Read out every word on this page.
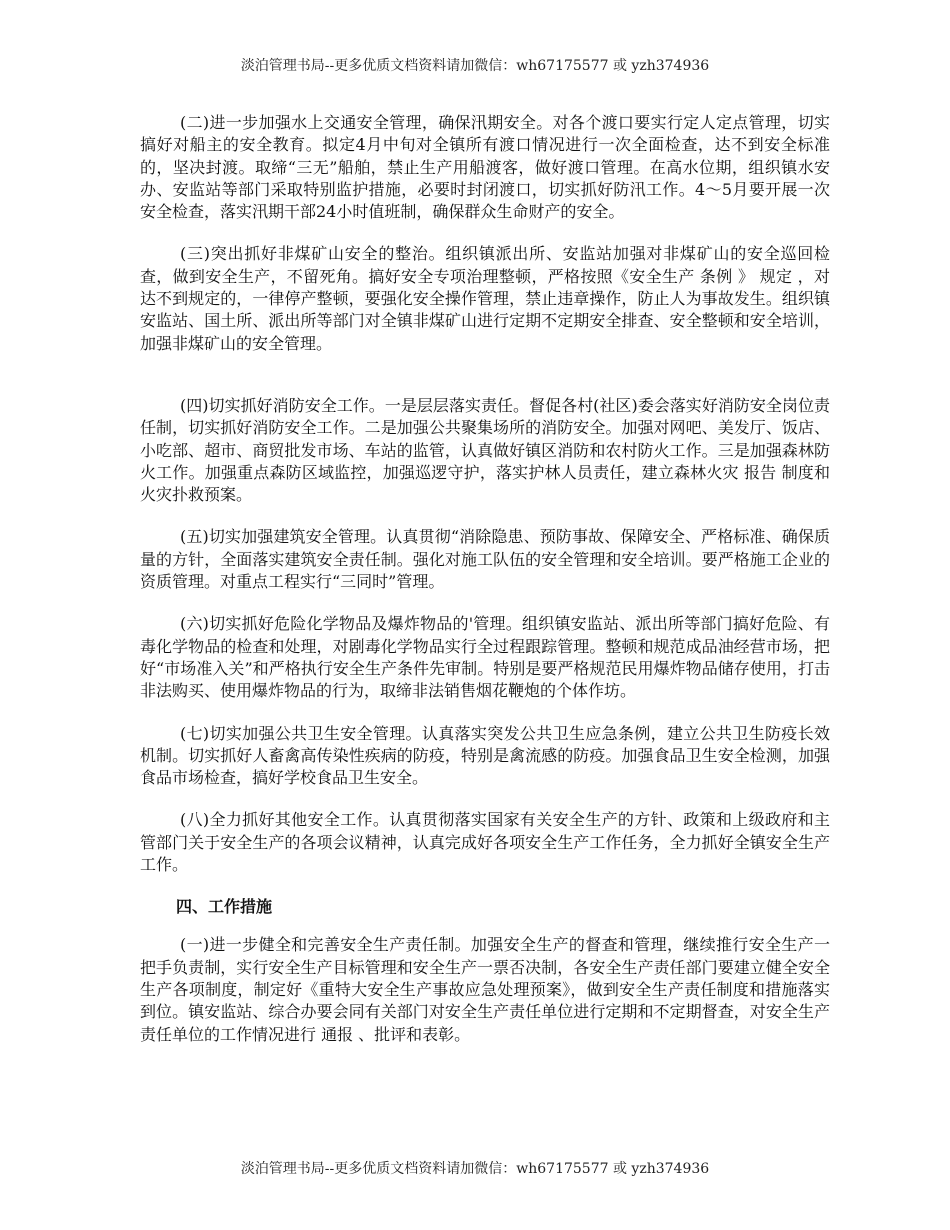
淡泊管理书局--更多优质文档资料请加微信：wh67175577 或 yzh374936

(二)进一步加强水上交通安全管理，确保汛期安全。对各个渡口要实行定人定点管理，切实搞好对船主的安全教育。拟定4月中旬对全镇所有渡口情况进行一次全面检查，达不到安全标准的，坚决封渡。取缔“三无”船舶，禁止生产用船渡客，做好渡口管理。在高水位期，组织镇水安办、安监站等部门采取特别监护措施，必要时封闭渡口，切实抓好防汛工作。4～5月要开展一次安全检查，落实汛期干部24小时值班制，确保群众生命财产的安全。

(三)突出抓好非煤矿山安全的整治。组织镇派出所、安监站加强对非煤矿山的安全巡回检查，做到安全生产，不留死角。搞好安全专项治理整顿，严格按照《安全生产 条例 》 规定 ，对达不到规定的，一律停产整顿，要强化安全操作管理，禁止违章操作，防止人为事故发生。组织镇安监站、国土所、派出所等部门对全镇非煤矿山进行定期不定期安全排查、安全整顿和安全培训，加强非煤矿山的安全管理。

(四)切实抓好消防安全工作。一是层层落实责任。督促各村(社区)委会落实好消防安全岗位责任制，切实抓好消防安全工作。二是加强公共聚集场所的消防安全。加强对网吧、美发厅、饭店、小吃部、超市、商贸批发市场、车站的监管，认真做好镇区消防和农村防火工作。三是加强森林防火工作。加强重点森防区域监控，加强巡逻守护，落实护林人员责任，建立森林火灾 报告 制度和火灾扑救预案。

(五)切实加强建筑安全管理。认真贯彻“消除隐患、预防事故、保障安全、严格标准、确保质量的方针，全面落实建筑安全责任制。强化对施工队伍的安全管理和安全培训。要严格施工企业的资质管理。对重点工程实行“三同时”管理。

(六)切实抓好危险化学物品及爆炸物品的'管理。组织镇安监站、派出所等部门搞好危险、有毒化学物品的检查和处理，对剧毒化学物品实行全过程跟踪管理。整顿和规范成品油经营市场，把好“市场准入关”和严格执行安全生产条件先审制。特别是要严格规范民用爆炸物品储存使用，打击非法购买、使用爆炸物品的行为，取缔非法销售烟花鞭炮的个体作坊。

(七)切实加强公共卫生安全管理。认真落实突发公共卫生应急条例，建立公共卫生防疫长效机制。切实抓好人畜禽高传染性疾病的防疫，特别是禽流感的防疫。加强食品卫生安全检测，加强食品市场检查，搞好学校食品卫生安全。

(八)全力抓好其他安全工作。认真贯彻落实国家有关安全生产的方针、政策和上级政府和主管部门关于安全生产的各项会议精神，认真完成好各项安全生产工作任务，全力抓好全镇安全生产工作。

四、工作措施

(一)进一步健全和完善安全生产责任制。加强安全生产的督查和管理，继续推行安全生产一把手负责制，实行安全生产目标管理和安全生产一票否决制，各安全生产责任部门要建立健全安全生产各项制度，制定好《重特大安全生产事故应急处理预案》，做到安全生产责任制度和措施落实到位。镇安监站、综合办要会同有关部门对安全生产责任单位进行定期和不定期督查，对安全生产责任单位的工作情况进行 通报 、批评和表彰。

淡泊管理书局--更多优质文档资料请加微信：wh67175577 或 yzh374936
